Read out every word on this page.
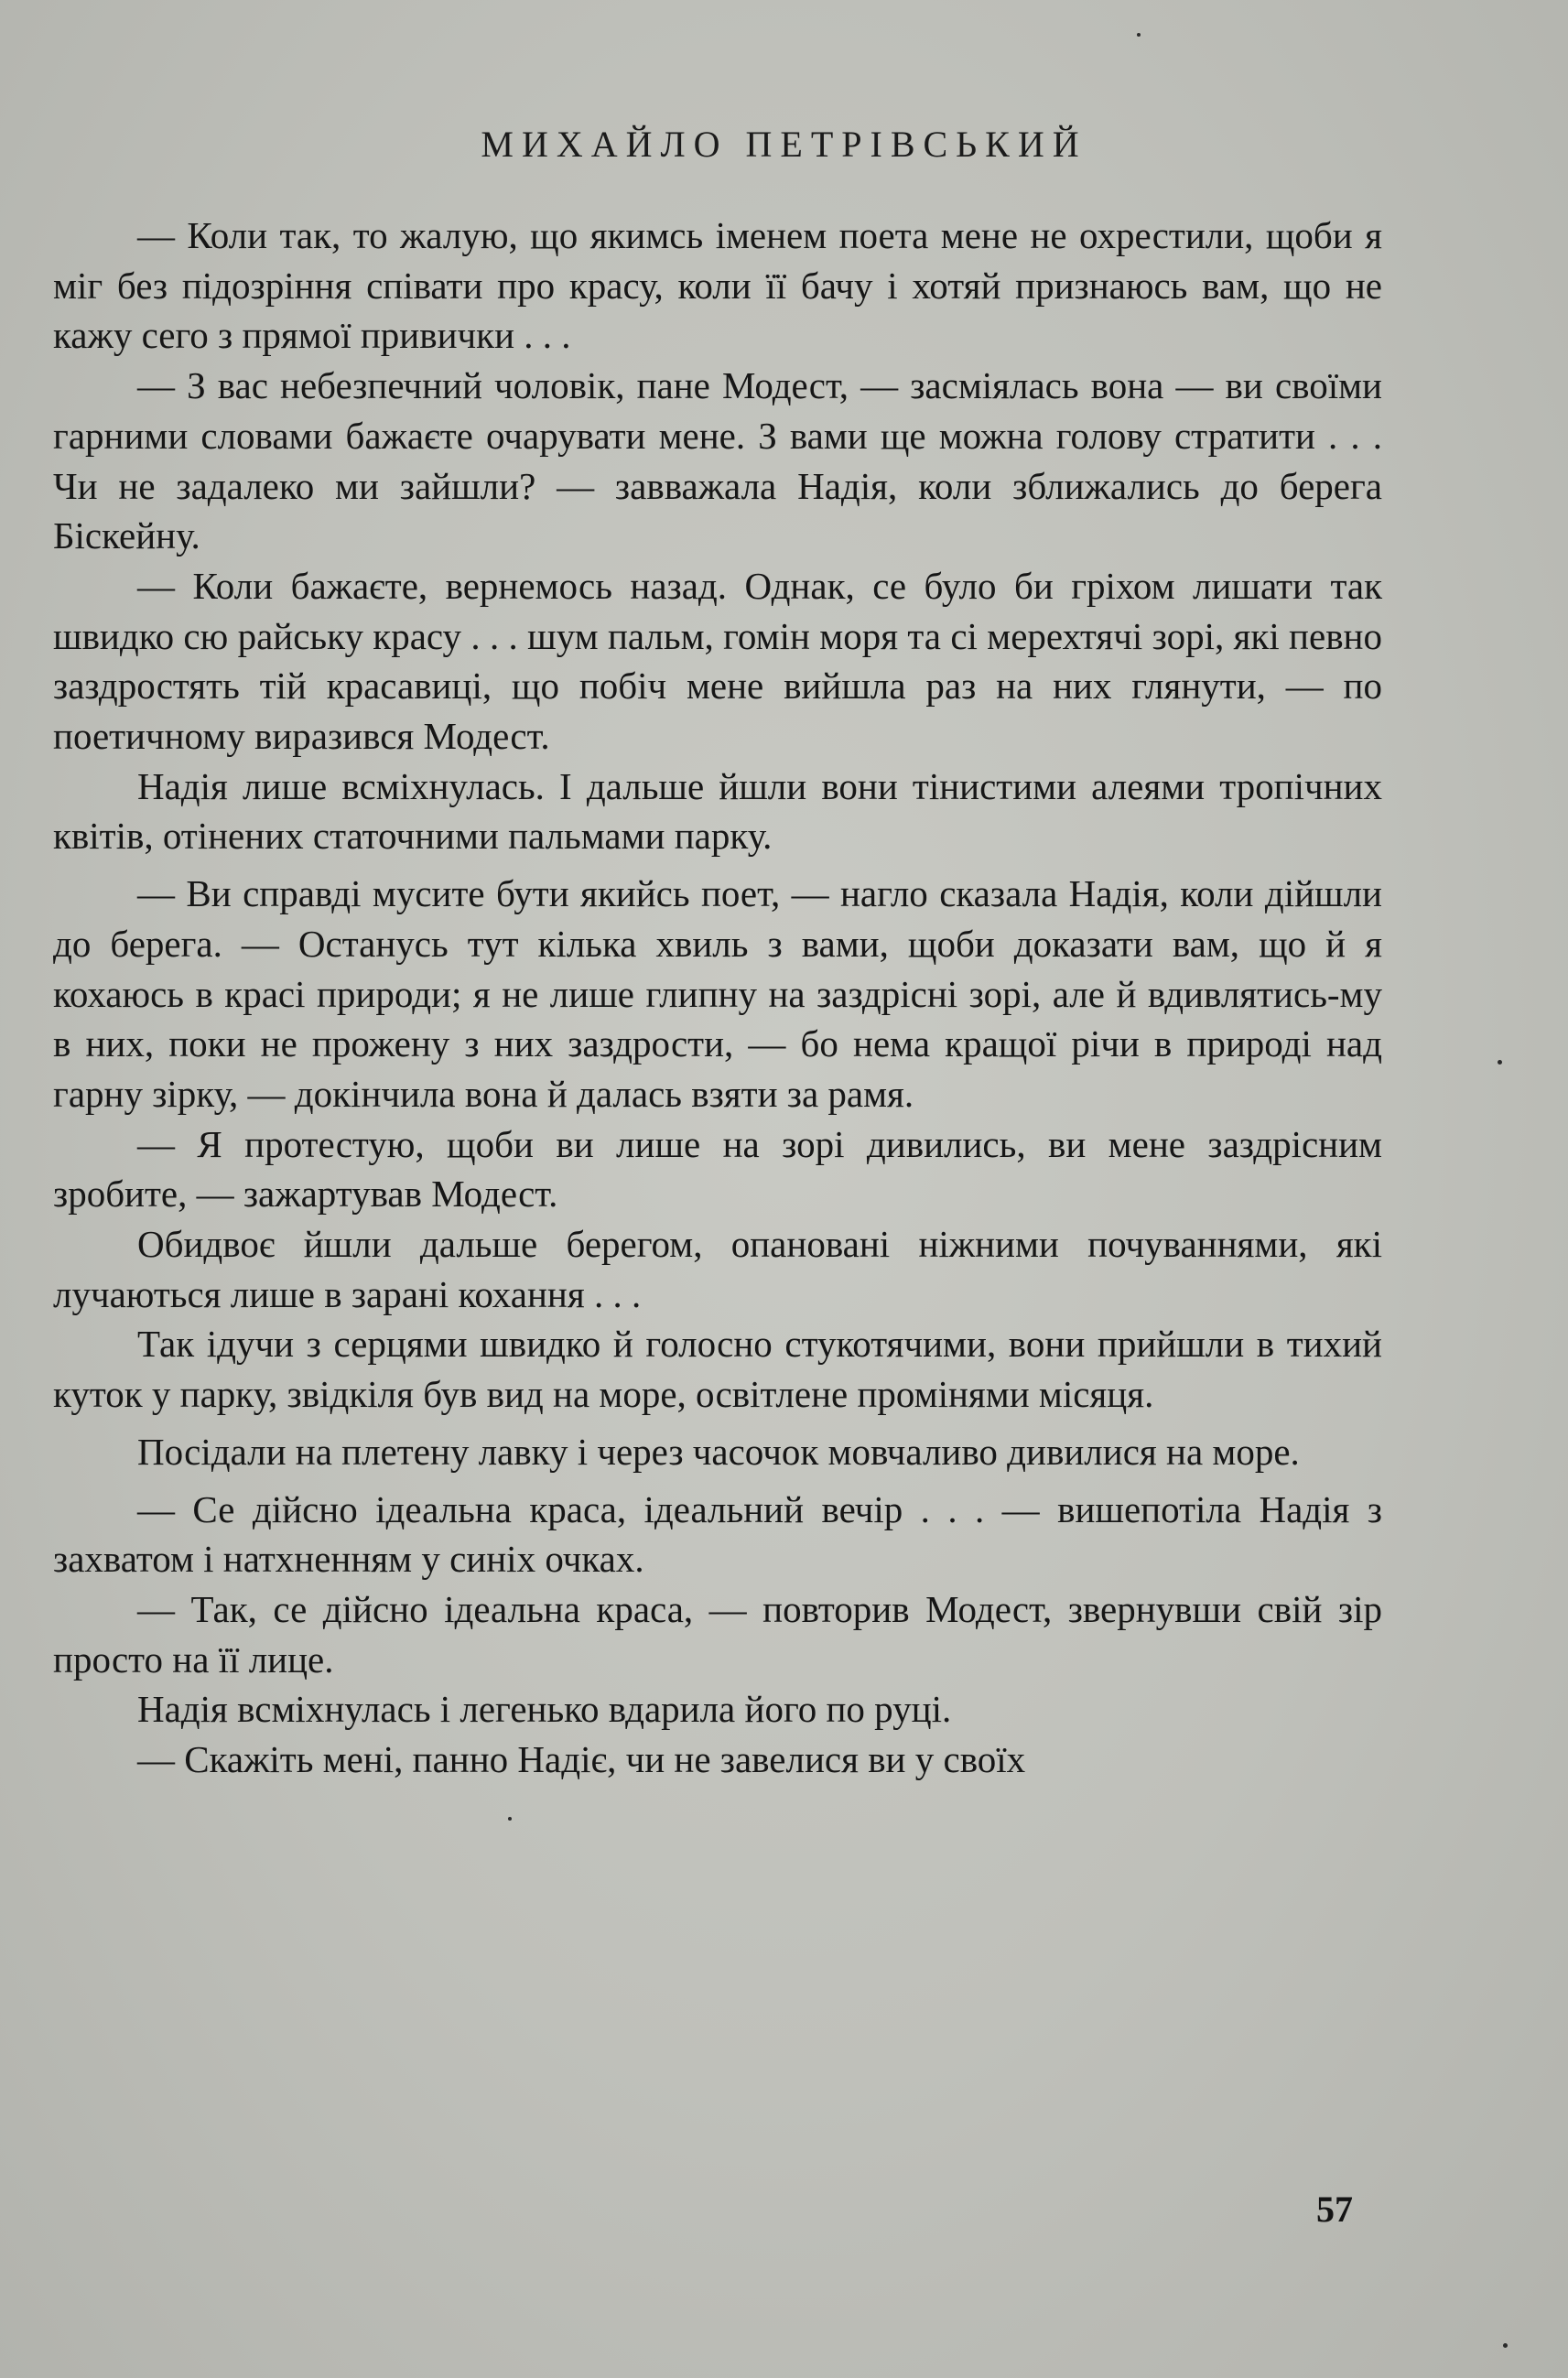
МИХАЙЛО ПЕТРІВСЬКИЙ

— Коли так, то жалую, що якимсь іменем поета мене не охрестили, щоби я міг без підозріння співати про красу, коли її бачу і хотяй признаюсь вам, що не кажу сего з прямої привички . . .

— З вас небезпечний чоловік, пане Модест, — засміялась вона — ви своїми гарними словами бажаєте очарувати мене. З вами ще можна голову стратити . . . Чи не задалеко ми зайшли? — завважала Надія, коли зближались до берега Біскейну.

— Коли бажаєте, вернемось назад. Однак, се було би гріхом лишати так швидко сю райську красу . . . шум пальм, гомін моря та сі мерехтячі зорі, які певно заздростять тій красавиці, що побіч мене вийшла раз на них глянути, — по поетичному виразився Модест.

Надія лише всміхнулась. І дальше йшли вони тінистими алеями тропічних квітів, отінених статочними пальмами парку.

— Ви справді мусите бути якийсь поет, — нагло сказала Надія, коли дійшли до берега. — Останусь тут кілька хвиль з вами, щоби доказати вам, що й я кохаюсь в красі природи; я не лише глипну на заздрісні зорі, але й вдивлятись-му в них, поки не прожену з них заздрости, — бо нема кращої річи в природі над гарну зірку, — докінчила вона й далась взяти за рамя.

— Я протестую, щоби ви лише на зорі дивились, ви мене заздрісним зробите, — зажартував Модест.

Обидвоє йшли дальше берегом, опановані ніжними почуваннями, які лучаються лише в зарані кохання . . .

Так ідучи з серцями швидко й голосно стукотячими, вони прийшли в тихий куток у парку, звідкіля був вид на море, освітлене промінями місяця.

Посідали на плетену лавку і через часочок мовчаливо дивилися на море.

— Се дійсно ідеальна краса, ідеальний вечір . . . — вишепотіла Надія з захватом і натхненням у синіх очках.

— Так, се дійсно ідеальна краса, — повторив Модест, звернувши свій зір просто на її лице.

Надія всміхнулась і легенько вдарила його по руці.

— Скажіть мені, панно Надіє, чи не завелися ви у своїх

57
